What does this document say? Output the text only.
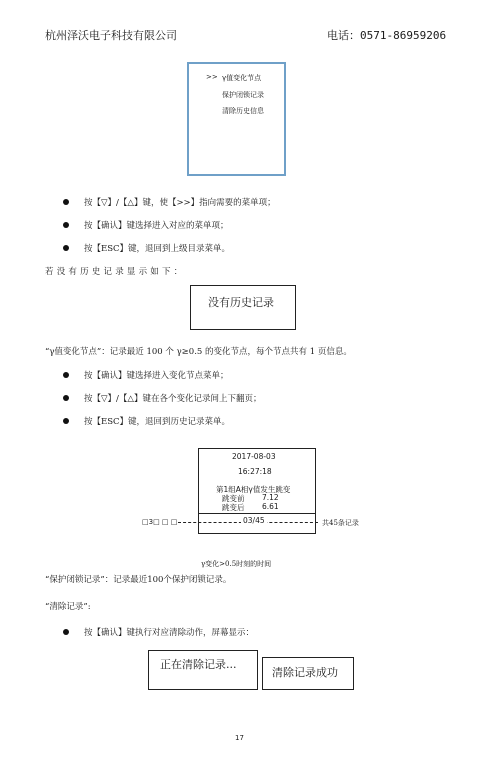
杭州泽沃电子科技有限公司	电话：0571-86959206
>> γ值变化节点
保护闭锁记录
清除历史信息
按【▽】/【△】键，使【>>】指向需要的菜单项；
按【确认】键选择进入对应的菜单项；
按【ESC】键，退回到上级目录菜单。
若没有历史记录显示如下：
没有历史记录
“γ值变化节点”：记录最近 100 个 γ≥0.5 的变化节点，每个节点共有 1 页信息。
按【确认】键选择进入变化节点菜单；
按【▽】/【△】键在各个变化记录间上下翻页；
按【ESC】键，退回到历史记录菜单。
2017-08-03
16:27:18
第1组A相γ值发生跳变
跳变前 7.12
跳变后 6.61
□3□ □ □	03/45	共45条记录
γ变化>0.5时刻的时间
“保护闭锁记录”：记录最近100个保护闭锁记录。
“清除记录”:
按【确认】键执行对应清除动作，屏幕显示：
正在清除记录...
清除记录成功
17
